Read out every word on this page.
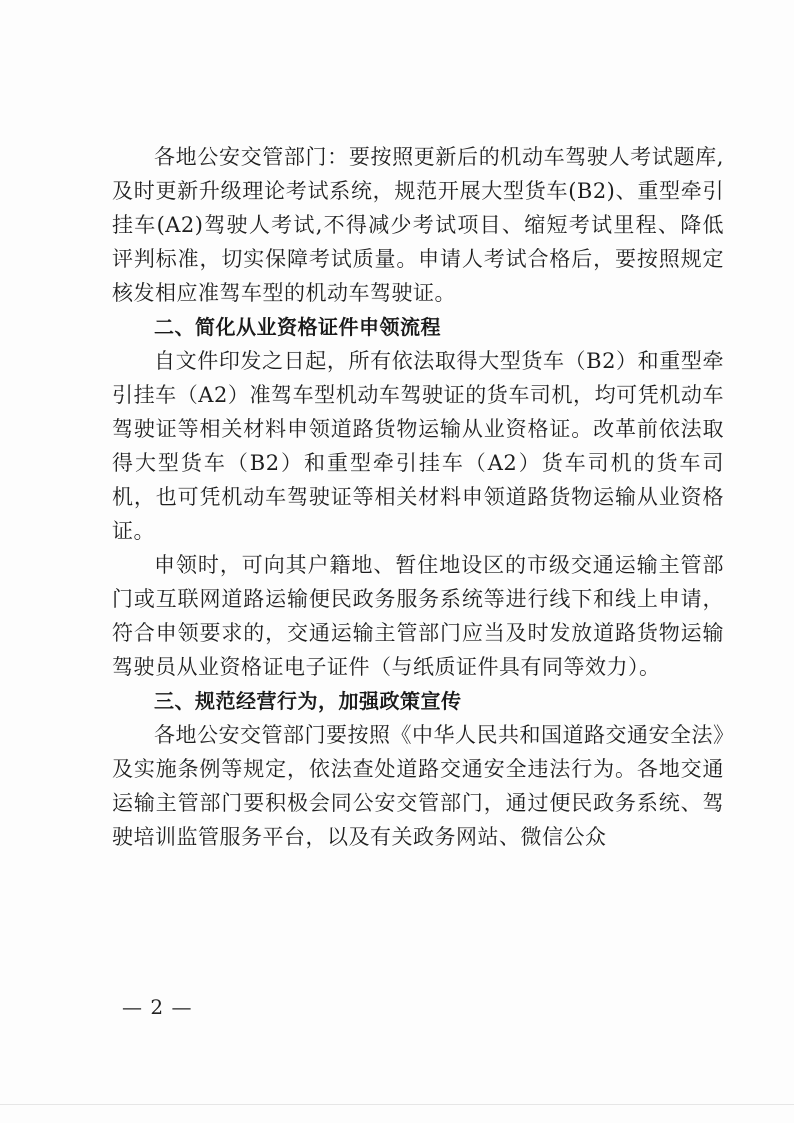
各地公安交管部门：要按照更新后的机动车驾驶人考试题库,及时更新升级理论考试系统，规范开展大型货车(B2)、重型牵引挂车(A2)驾驶人考试,不得减少考试项目、缩短考试里程、降低评判标准，切实保障考试质量。申请人考试合格后，要按照规定核发相应准驾车型的机动车驾驶证。

二、简化从业资格证件申领流程

自文件印发之日起，所有依法取得大型货车（B2）和重型牵引挂车（A2）准驾车型机动车驾驶证的货车司机，均可凭机动车驾驶证等相关材料申领道路货物运输从业资格证。改革前依法取得大型货车（B2）和重型牵引挂车（A2）货车司机的货车司机，也可凭机动车驾驶证等相关材料申领道路货物运输从业资格证。

申领时，可向其户籍地、暂住地设区的市级交通运输主管部门或互联网道路运输便民政务服务系统等进行线下和线上申请，符合申领要求的，交通运输主管部门应当及时发放道路货物运输驾驶员从业资格证电子证件（与纸质证件具有同等效力）。

三、规范经营行为，加强政策宣传

各地公安交管部门要按照《中华人民共和国道路交通安全法》及实施条例等规定，依法查处道路交通安全违法行为。各地交通运输主管部门要积极会同公安交管部门，通过便民政务系统、驾驶培训监管服务平台，以及有关政务网站、微信公众

— 2 —
